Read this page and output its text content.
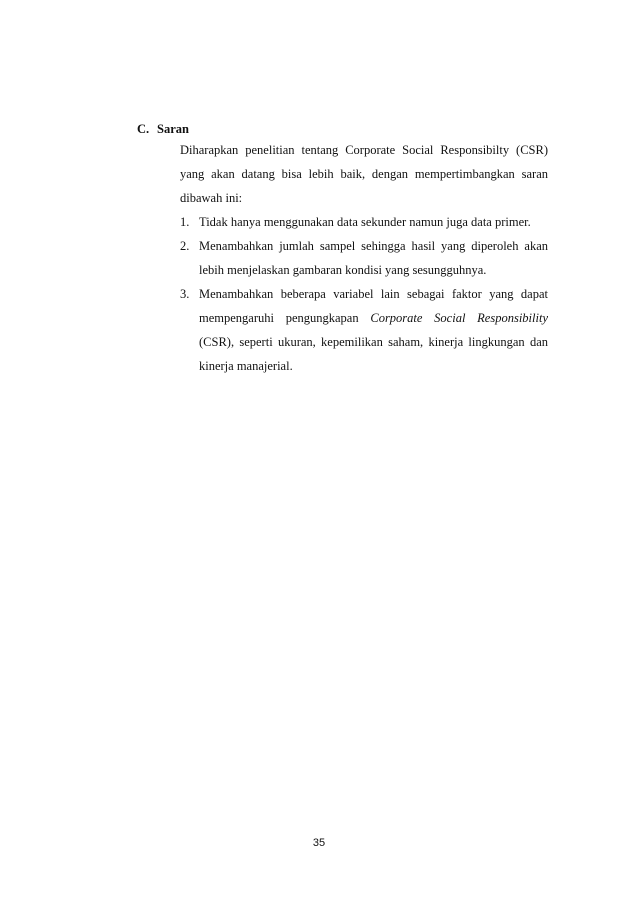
C. Saran

Diharapkan penelitian tentang Corporate Social Responsibilty (CSR) yang akan datang bisa lebih baik, dengan mempertimbangkan saran dibawah ini:

1. Tidak hanya menggunakan data sekunder namun juga data primer.
2. Menambahkan jumlah sampel sehingga hasil yang diperoleh akan lebih menjelaskan gambaran kondisi yang sesungguhnya.
3. Menambahkan beberapa variabel lain sebagai faktor yang dapat mempengaruhi pengungkapan Corporate Social Responsibility (CSR), seperti ukuran, kepemilikan saham, kinerja lingkungan dan kinerja manajerial.
35
